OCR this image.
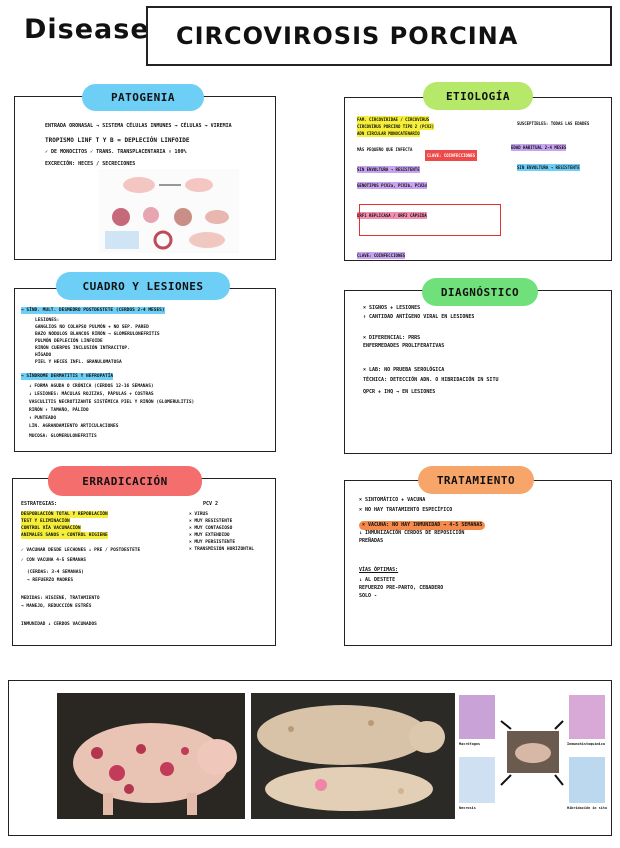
Disease CIRCOVIROSIS PORCINA
ENTRADA ORONASAL → SISTEMA CÉLULAS INMUNES → CÉLULAS → VIREMIA
TROPISMO LINF T Y B = DEPLECIÓN LINFOIDE
✓ DE MONOCITOS ✓ TRANS. TRANSPLACENTARIA ↑ 100%
EXCRECIÓN: HECES / SECRECIONES
PATOGENIA
FAM. CIRCOVIRIDAE / CIRCOVIRUS
CIRCOVIRUS PORCINO TIPO 2 (PCV2)
ADN CIRCULAR MONOCATENARIO
MÁS PEQUEÑO QUE INFECTA
SIN ENVOLTURA → RESISTENTE
GENOTIPOS PCV2a, PCV2b, PCV2d
ORF1 REPLICASA / ORF2 CÁPSIDA
CLAVE: COINFECCIONES
CLAVE: COINFECCIONES
SUSCEPTIBLES: TODAS LAS EDADES
EDAD HABITUAL 2-4 MESES
SIN ENVOLTURA → RESISTENTE
ETIOLOGÍA
→ SÍND. MULT. DESMEDRO POSTDESTETE (CERDOS 2-4 MESES)
LESIONES:
GANGLIOS NO COLAPSO PULMÓN + NO SEP. PARED
BAZO NÓDULOS BLANCOS RIÑÓN → GLOMERULONEFRITIS
PULMÓN DEPLECIÓN LINFOIDE
RIÑÓN CUERPOS INCLUSIÓN INTRACITOP.
HÍGADO
PIEL Y HECES INFL. GRANULOMATOSA
→ SÍNDROME DERMATITIS Y NEFROPATÍA
↓ FORMA AGUDA O CRÓNICA (CERDOS 12-16 SEMANAS)
↓ LESIONES: MÁCULAS ROJIZAS, PÁPULAS + COSTRAS
VASCULITIS NECROTIZANTE SISTÉMICA PIEL Y RIÑÓN (GLOMERULITIS)
RIÑÓN ↑ TAMAÑO, PÁLIDO
↑ PUNTEADO
LIN. AGRANDAMIENTO ARTICULACIONES
MUCOSA: GLOMERULONEFRITIS
CUADRO Y LESIONES
× SIGNOS + LESIONES
↑ CANTIDAD ANTÍGENO VIRAL EN LESIONES
× DIFERENCIAL: PRRS
ENFERMEDADES PROLIFERATIVAS
× LAB: NO PRUEBA SEROLÓGICA
TÉCNICA: DETECCIÓN ADN. O HIBRIDACIÓN IN SITU
QPCR + IHQ → EN LESIONES
DIAGNÓSTICO
ESTRATEGIAS:
DESPOBLACIÓN TOTAL Y REPOBLACIÓN
TEST Y ELIMINACIÓN
CONTROL VÍA VACUNACIÓN
ANIMALES SANOS + CONTROL HIGIENE
✓ VACUNAR DESDE LECHONES ↓ PRE / POSTDESTETE
✓ CON VACUNA 4-5 SEMANAS
(CERDAS: 3-4 SEMANAS)
→ REFUERZO MADRES
MEDIDAS: HIGIENE, TRATAMIENTO
→ MANEJO, REDUCCIÓN ESTRÉS
INMUNIDAD ↓ CERDOS VACUNADOS
PCV 2
× VIRUS
× MUY RESISTENTE
× MUY CONTAGIOSO
× MUY EXTENDIDO
× MUY PERSISTENTE
× TRANSMISIÓN HORIZONTAL
ERRADICACIÓN
× SINTOMÁTICO + VACUNA
× NO HAY TRATAMIENTO ESPECÍFICO
× VACUNA: NO HAY INMUNIDAD → 4-5 SEMANAS
↓ INMUNIZACIÓN CERDOS DE REPOSICIÓN
PREÑADAS
VÍAS ÓPTIMAS:
↓ AL DESTETE
REFUERZO PRE-PARTO, CEBADERO
SOLO -
TRATAMIENTO
Macrófagos	Inmunohistoquímica
Necrosis	Hibridación in situ
